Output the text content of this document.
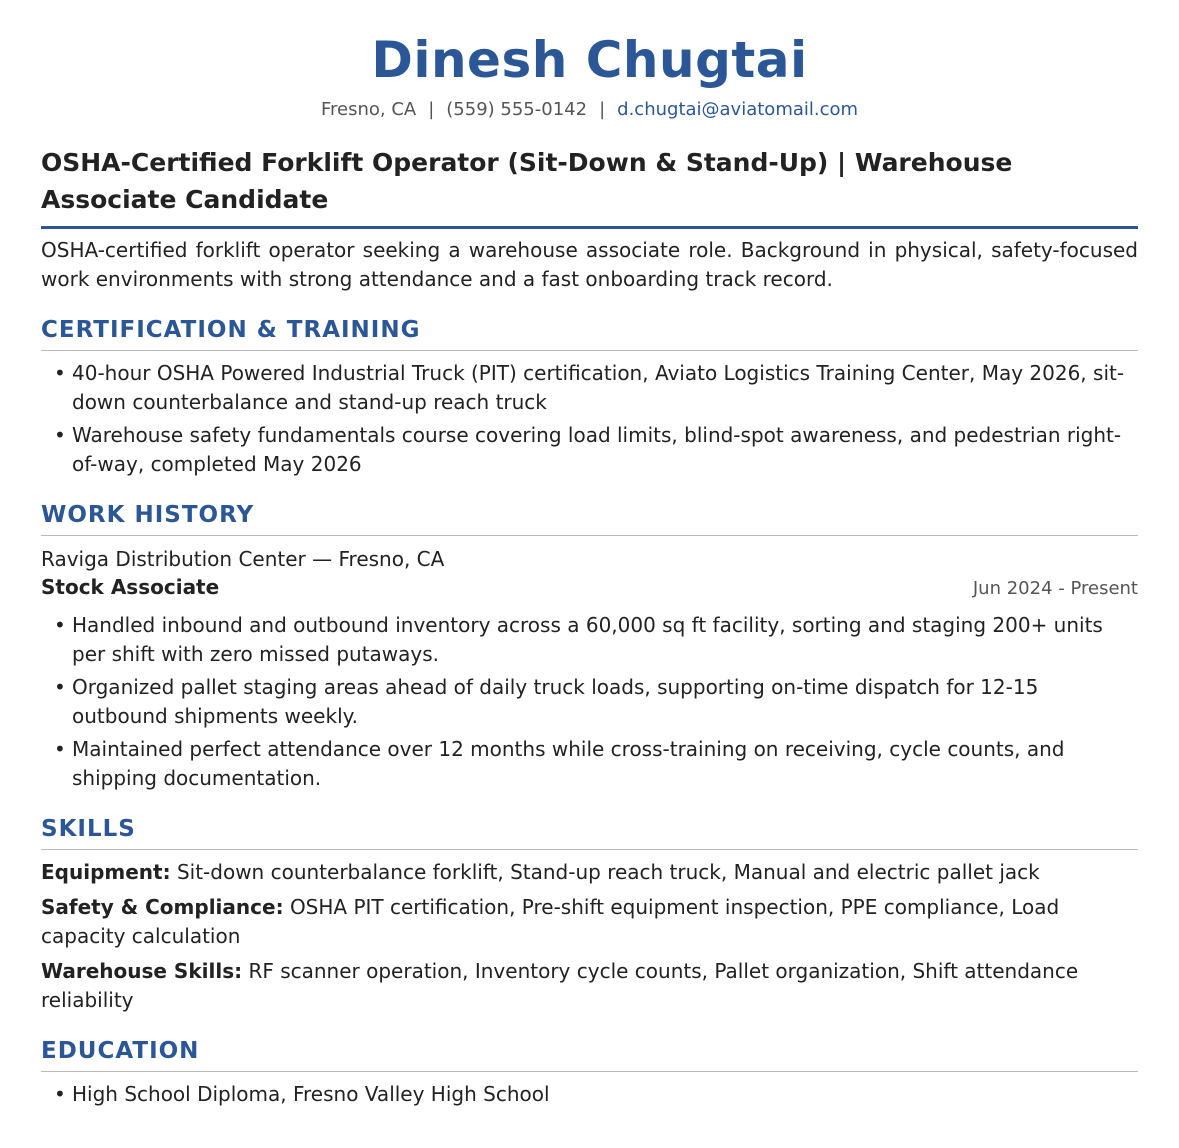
Dinesh Chugtai
Fresno, CA | (559) 555-0142 | d.chugtai@aviatomail.com
OSHA-Certified Forklift Operator (Sit-Down & Stand-Up) | Warehouse Associate Candidate
OSHA-certified forklift operator seeking a warehouse associate role. Background in physical, safety-focused work environments with strong attendance and a fast onboarding track record.
CERTIFICATION & TRAINING
• 40-hour OSHA Powered Industrial Truck (PIT) certification, Aviato Logistics Training Center, May 2026, sit-down counterbalance and stand-up reach truck
• Warehouse safety fundamentals course covering load limits, blind-spot awareness, and pedestrian right-of-way, completed May 2026
WORK HISTORY
Raviga Distribution Center — Fresno, CA
Stock Associate	Jun 2024 - Present
• Handled inbound and outbound inventory across a 60,000 sq ft facility, sorting and staging 200+ units per shift with zero missed putaways.
• Organized pallet staging areas ahead of daily truck loads, supporting on-time dispatch for 12-15 outbound shipments weekly.
• Maintained perfect attendance over 12 months while cross-training on receiving, cycle counts, and shipping documentation.
SKILLS
Equipment: Sit-down counterbalance forklift, Stand-up reach truck, Manual and electric pallet jack
Safety & Compliance: OSHA PIT certification, Pre-shift equipment inspection, PPE compliance, Load capacity calculation
Warehouse Skills: RF scanner operation, Inventory cycle counts, Pallet organization, Shift attendance reliability
EDUCATION
• High School Diploma, Fresno Valley High School
